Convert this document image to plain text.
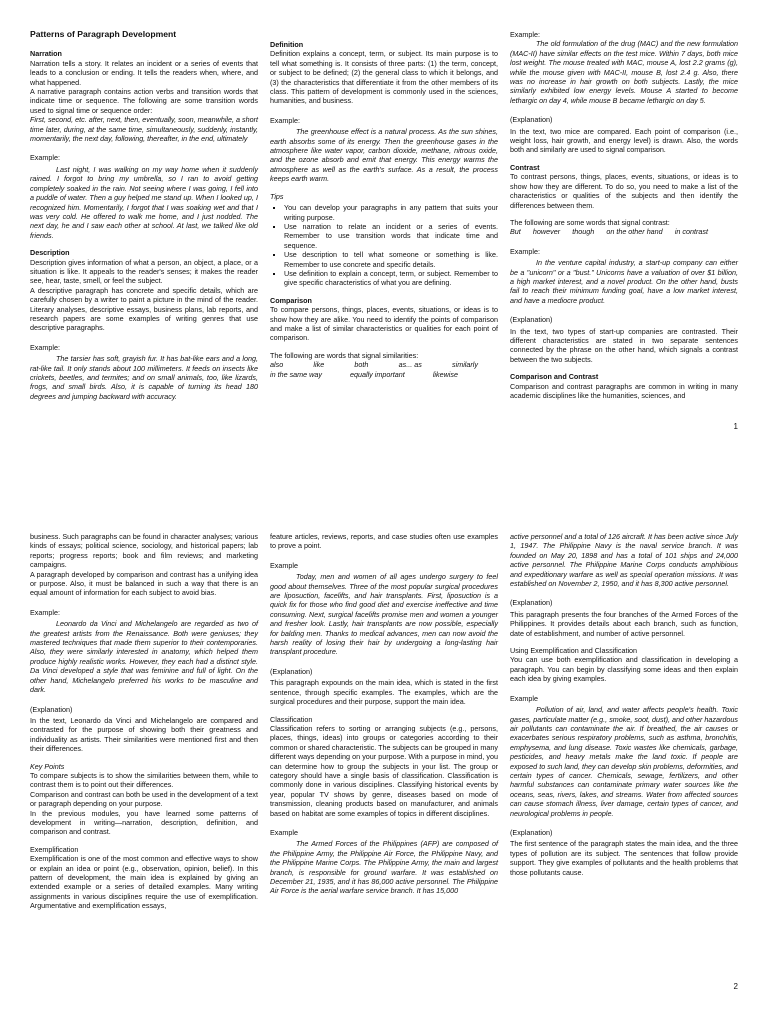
Patterns of Paragraph Development
Narration

Narration tells a story. It relates an incident or a series of events that leads to a conclusion or ending. It tells the readers when, where, and what happened.

A narrative paragraph contains action verbs and transition words that indicate time or sequence. The following are some transition words used to signal time or sequence order:

First, second, etc. after, next, then, eventually, soon, meanwhile, a short time later, during, at the same time, simultaneously, suddenly, instantly, momentarily, the next day, following, thereafter, in the end, ultimately

Example:

Last night, I was walking on my way home when it suddenly rained. I forgot to bring my umbrella, so I ran to avoid getting completely soaked in the rain. Not seeing where I was going, I fell into a puddle of water. Then a guy helped me stand up. When I looked up, I recognized him. Momentarily, I forgot that I was soaking wet and that I was very cold. He offered to walk me home, and I just nodded. The next day, he and I saw each other at school. At last, we talked like old friends.

Description

Description gives information of what a person, an object, a place, or a situation is like. It appeals to the reader's senses; it makes the reader see, hear, taste, smell, or feel the subject.

A descriptive paragraph has concrete and specific details, which are carefully chosen by a writer to paint a picture in the mind of the reader. Literary analyses, descriptive essays, business plans, lab reports, and research papers are some examples of writing genres that use descriptive paragraphs.

Example:

The tarsier has soft, grayish fur. It has bat-like ears and a long, rat-like tail. It only stands about 100 millimeters. It feeds on insects like crickets, beetles, and termites; and on small animals, too, like lizards, frogs, and small birds. Also, it is capable of turning its head 180 degrees and jumping backward with accuracy.

Definition

Definition explains a concept, term, or subject. Its main purpose is to tell what something is. It consists of three parts: (1) the term, concept, or subject to be defined; (2) the general class to which it belongs, and (3) the characteristics that differentiate it from the other members of its class. This pattern of development is commonly used in the sciences, humanities, and business.

Example:

The greenhouse effect is a natural process. As the sun shines, earth absorbs some of its energy. Then the greenhouse gases in the atmosphere like water vapor, carbon dioxide, methane, nitrous oxide, and the ozone absorb and emit that energy. This energy warms the atmosphere as well as the earth's surface. As a result, the process keeps earth warm.

Tips
▪ You can develop your paragraphs in any pattern that suits your writing purpose.
▪ Use narration to relate an incident or a series of events. Remember to use transition words that indicate time and sequence.
▪ Use description to tell what someone or something is like. Remember to use concrete and specific details.
▪ Use definition to explain a concept, term, or subject. Remember to give specific characteristics of what you are defining.
Comparison

To compare persons, things, places, events, situations, or ideas is to show how they are alike. You need to identify the points of comparison and make a list of similar characteristics or qualities for each point of comparison.

The following are words that signal similarities:

also	like	both	as... as	similarly
in the same way	equally important	likewise
Example:

The old formulation of the drug (MAC) and the new formulation (MAC-II) have similar effects on the test mice. Within 7 days, both mice lost weight. The mouse treated with MAC, mouse A, lost 2.2 grams (g), while the mouse given with MAC-II, mouse B, lost 2.4 g. Also, there was no increase in hair growth on both subjects. Lastly, the mice similarly exhibited low energy levels. Mouse A started to become lethargic on day 4, while mouse B became lethargic on day 5.

(Explanation)

In the text, two mice are compared. Each point of comparison (i.e., weight loss, hair growth, and energy level) is drawn. Also, the words both and similarly are used to signal comparison.

Contrast

To contrast persons, things, places, events, situations, or ideas is to show how they are different. To do so, you need to make a list of the characteristics or qualities of the subjects and then identify the differences between them.

The following are some words that signal contrast:

But however though on the other hand in contrast
Example:

In the venture capital industry, a start-up company can either be a "unicorn" or a "bust." Unicorns have a valuation of over $1 billion, a high market interest, and a novel product. On the other hand, busts fail to reach their minimum funding goal, have a low market interest, and have a mediocre product.

(Explanation)

In the text, two types of start-up companies are contrasted. Their different characteristics are stated in two separate sentences connected by the phrase on the other hand, which signals a contrast between the two subjects.

Comparison and Contrast

Comparison and contrast paragraphs are common in writing in many academic disciplines like the humanities, sciences, and

1

business. Such paragraphs can be found in character analyses; various kinds of essays; political science, sociology, and historical papers; lab reports; progress reports; book and film reviews; and marketing campaigns.

A paragraph developed by comparison and contrast has a unifying idea or purpose. Also, it must be balanced in such a way that there is an equal amount of information for each subject to avoid bias.

Example:

Leonardo da Vinci and Michelangelo are regarded as two of the greatest artists from the Renaissance. Both were geniuses; they mastered techniques that made them superior to their contemporaries. Also, they were similarly interested in anatomy, which helped them produce highly realistic works. However, they each had a distinct style. Da Vinci developed a style that was feminine and full of light. On the other hand, Michelangelo preferred his works to be masculine and dark.

(Explanation)

In the text, Leonardo da Vinci and Michelangelo are compared and contrasted for the purpose of showing both their greatness and individuality as artists. Their similarities were mentioned first and then their differences.

Key Points

To compare subjects is to show the similarities between them, while to contrast them is to point out their differences.

Comparison and contrast can both be used in the development of a text or paragraph depending on your purpose.

In the previous modules, you have learned some patterns of development in writing—narration, description, definition, and comparison and contrast.

Exemplification

Exemplification is one of the most common and effective ways to show or explain an idea or point (e.g., observation, opinion, belief). In this pattern of development, the main idea is explained by giving an extended example or a series of detailed examples. Many writing assignments in various disciplines require the use of exemplification. Argumentative and exemplification essays,

feature articles, reviews, reports, and case studies often use examples to prove a point.

Example

Today, men and women of all ages undergo surgery to feel good about themselves. Three of the most popular surgical procedures are liposuction, facelifts, and hair transplants. First, liposuction is a quick fix for those who find good diet and exercise ineffective and time consuming. Next, surgical facelifts promise men and women a younger and fresher look. Lastly, hair transplants are now possible, especially for balding men. Thanks to medical advances, men can now avoid the harsh reality of losing their hair by undergoing a long-lasting hair transplant procedure.

(Explanation)

This paragraph expounds on the main idea, which is stated in the first sentence, through specific examples. The examples, which are the surgical procedures and their purpose, support the main idea.

Classification

Classification refers to sorting or arranging subjects (e.g., persons, places, things, ideas) into groups or categories according to their common or shared characteristic. The subjects can be grouped in many different ways depending on your purpose. With a purpose in mind, you can determine how to group the subjects in your list. The group or category should have a single basis of classification. Classification is commonly done in various disciplines. Classifying historical events by year, popular TV shows by genre, diseases based on mode of transmission, cleaning products based on manufacturer, and animals based on habitat are some examples of topics in different disciplines.

Example

The Armed Forces of the Philippines (AFP) are composed of the Philippine Army, the Philippine Air Force, the Philippine Navy, and the Philippine Marine Corps. The Philippine Army, the main and largest branch, is responsible for ground warfare. It was established on December 21, 1935, and it has 86,000 active personnel. The Philippine Air Force is the aerial warfare service branch. It has 15,000

active personnel and a total of 126 aircraft. It has been active since July 1, 1947. The Philippine Navy is the naval service branch. It was founded on May 20, 1898 and has a total of 101 ships and 24,000 active personnel. The Philippine Marine Corps conducts amphibious and expeditionary warfare as well as special operation missions. It was established on November 2, 1950, and it has 8,300 active personnel.

(Explanation)

This paragraph presents the four branches of the Armed Forces of the Philippines. It provides details about each branch, such as function, date of establishment, and number of active personnel.

Using Exemplification and Classification

You can use both exemplification and classification in developing a paragraph. You can begin by classifying some ideas and then explain each idea by giving examples.

Example

Pollution of air, land, and water affects people's health. Toxic gases, particulate matter (e.g., smoke, soot, dust), and other hazardous air pollutants can contaminate the air. If breathed, the air causes or exacerbates serious respiratory problems, such as asthma, bronchitis, emphysema, and lung disease. Toxic wastes like chemicals, garbage, pesticides, and heavy metals make the land toxic. If people are exposed to such land, they can develop skin problems, deformities, and certain types of cancer. Chemicals, sewage, fertilizers, and other harmful substances can contaminate primary water sources like the oceans, seas, rivers, lakes, and streams. Water from affected sources can cause stomach illness, liver damage, certain types of cancer, and neurological problems in people.

(Explanation)

The first sentence of the paragraph states the main idea, and the three types of pollution are its subject. The sentences that follow provide support. They give examples of pollutants and the health problems that those pollutants cause.

2
